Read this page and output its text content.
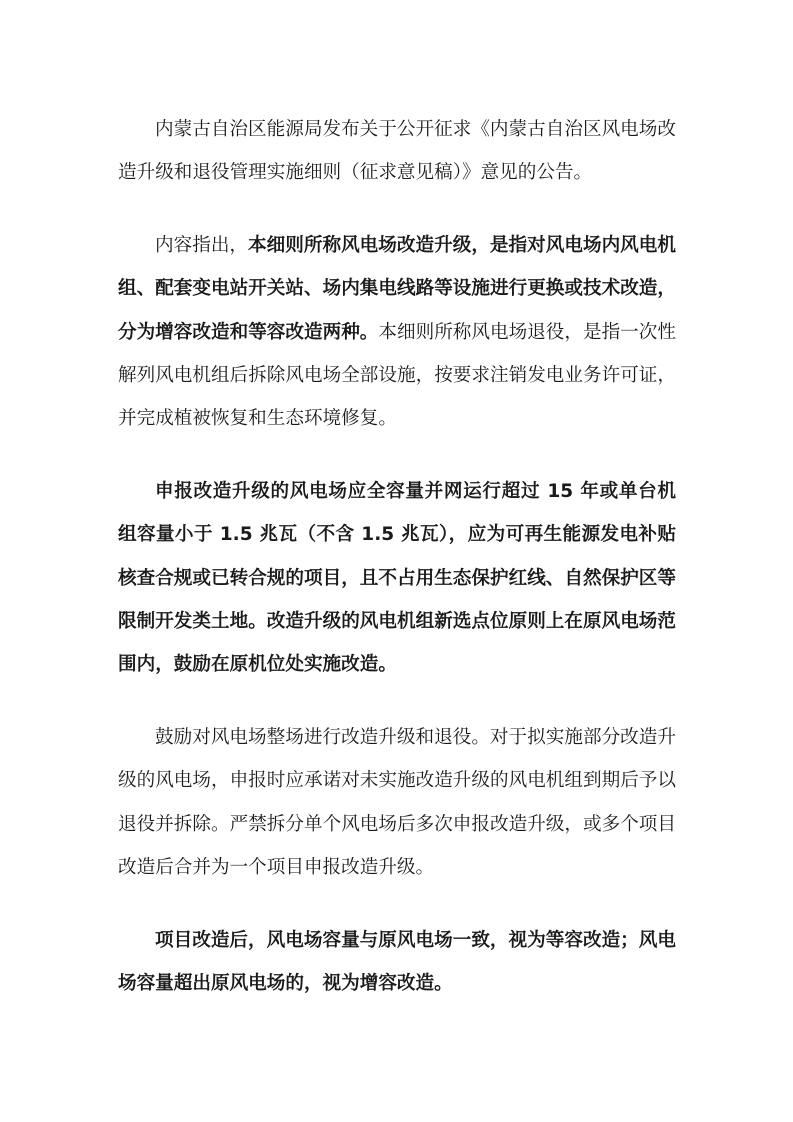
内蒙古自治区能源局发布关于公开征求《内蒙古自治区风电场改造升级和退役管理实施细则（征求意见稿）》意见的公告。

内容指出，本细则所称风电场改造升级，是指对风电场内风电机组、配套变电站开关站、场内集电线路等设施进行更换或技术改造，分为增容改造和等容改造两种。本细则所称风电场退役，是指一次性解列风电机组后拆除风电场全部设施，按要求注销发电业务许可证，并完成植被恢复和生态环境修复。

申报改造升级的风电场应全容量并网运行超过 15 年或单台机组容量小于 1.5 兆瓦（不含 1.5 兆瓦），应为可再生能源发电补贴核查合规或已转合规的项目，且不占用生态保护红线、自然保护区等限制开发类土地。改造升级的风电机组新选点位原则上在原风电场范围内，鼓励在原机位处实施改造。

鼓励对风电场整场进行改造升级和退役。对于拟实施部分改造升级的风电场，申报时应承诺对未实施改造升级的风电机组到期后予以退役并拆除。严禁拆分单个风电场后多次申报改造升级，或多个项目改造后合并为一个项目申报改造升级。

项目改造后，风电场容量与原风电场一致，视为等容改造；风电场容量超出原风电场的，视为增容改造。
